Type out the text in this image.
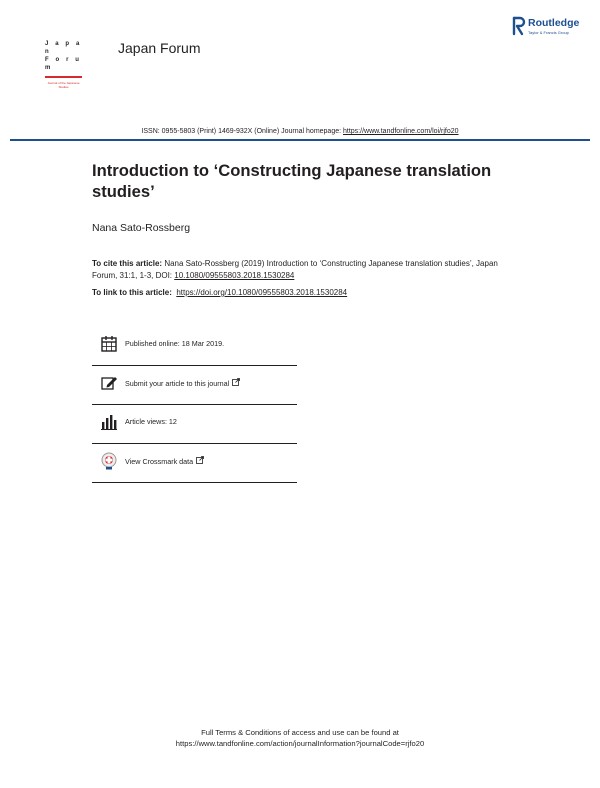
J a p a n
F o r u m
Journal of the Japanese Studies
Japan Forum
Routledge
Taylor & Francis Group
ISSN: 0955-5803 (Print) 1469-932X (Online) Journal homepage: https://www.tandfonline.com/loi/rjfo20
Introduction to ‘Constructing Japanese translation studies’
Nana Sato-Rossberg
To cite this article: Nana Sato-Rossberg (2019) Introduction to ‘Constructing Japanese translation studies’, Japan Forum, 31:1, 1-3, DOI: 10.1080/09555803.2018.1530284
To link to this article: https://doi.org/10.1080/09555803.2018.1530284
Published online: 18 Mar 2019.
Submit your article to this journal
Article views: 12
View Crossmark data
Full Terms & Conditions of access and use can be found at
https://www.tandfonline.com/action/journalInformation?journalCode=rjfo20
